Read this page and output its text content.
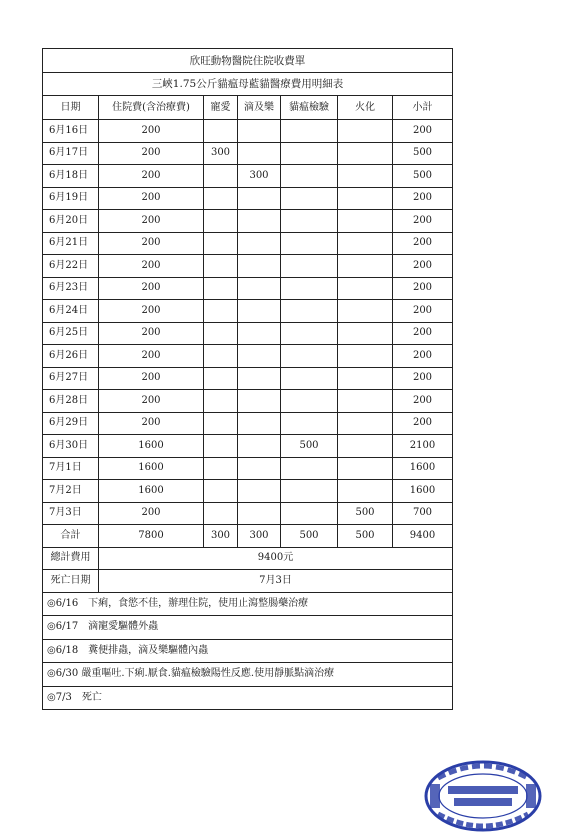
欣旺動物醫院住院收費單						
三峽1.75公斤貓瘟母藍貓醫療費用明細表						
日期	住院費(含治療費)	寵愛	滴及樂	貓瘟檢驗	火化	小計
6月16日	200					200
6月17日	200	300				500
6月18日	200		300			500
6月19日	200					200
6月20日	200					200
6月21日	200					200
6月22日	200					200
6月23日	200					200
6月24日	200					200
6月25日	200					200
6月26日	200					200
6月27日	200					200
6月28日	200					200
6月29日	200					200
6月30日	1600			500		2100
7月1日	1600					1600
7月2日	1600					1600
7月3日	200				500	700
合計	7800	300	300	500	500	9400
總計費用	9400元					
死亡日期	7月3日					
◎6/16　下痢，食慾不佳，辦理住院，使用止瀉整腸藥治療						
◎6/17　滴寵愛驅體外蟲						
◎6/18　糞便排蟲，滴及樂驅體內蟲						
◎6/30 嚴重嘔吐.下痢.厭食.貓瘟檢驗陽性反應.使用靜脈點滴治療						
◎7/3　死亡						
